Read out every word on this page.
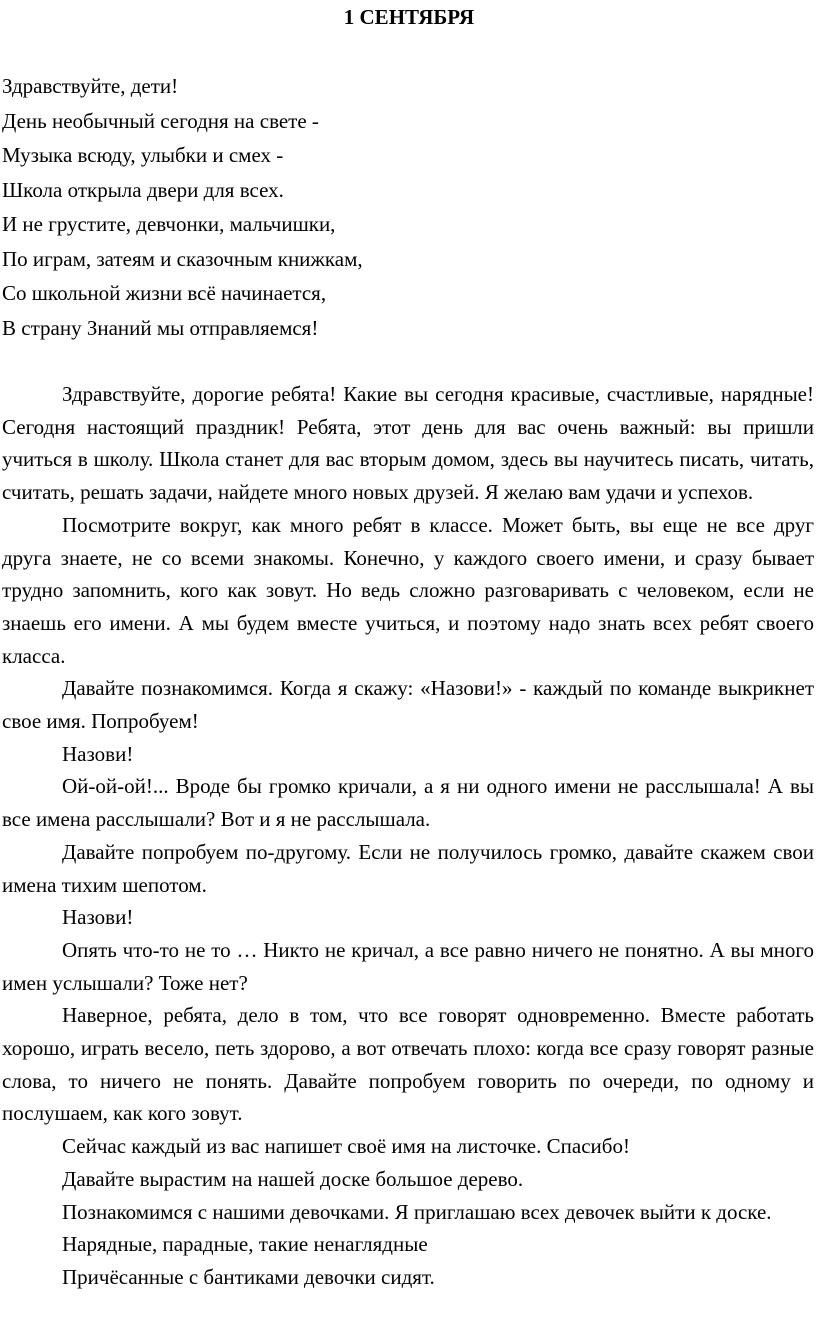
1 СЕНТЯБРЯ
Здравствуйте, дети!
День необычный сегодня на свете -
Музыка всюду, улыбки и смех -
Школа открыла двери для всех.
И не грустите, девчонки, мальчишки,
По играм, затеям и сказочным книжкам,
Со школьной жизни всё начинается,
В страну Знаний мы отправляемся!

Здравствуйте, дорогие ребята! Какие вы сегодня красивые, счастливые, нарядные! Сегодня настоящий праздник! Ребята, этот день для вас очень важный: вы пришли учиться в школу. Школа станет для вас вторым домом, здесь вы научитесь писать, читать, считать, решать задачи, найдете много новых друзей. Я желаю вам удачи и успехов.

Посмотрите вокруг, как много ребят в классе. Может быть, вы еще не все друг друга знаете, не со всеми знакомы. Конечно, у каждого своего имени, и сразу бывает трудно запомнить, кого как зовут. Но ведь сложно разговаривать с человеком, если не знаешь его имени. А мы будем вместе учиться, и поэтому надо знать всех ребят своего класса.

Давайте познакомимся. Когда я скажу: «Назови!» - каждый по команде выкрикнет свое имя. Попробуем!

Назови!

Ой-ой-ой!... Вроде бы громко кричали, а я ни одного имени не расслышала! А вы все имена расслышали? Вот и я не расслышала.

Давайте попробуем по-другому. Если не получилось громко, давайте скажем свои имена тихим шепотом.

Назови!

Опять что-то не то … Никто не кричал, а все равно ничего не понятно. А вы много имен услышали? Тоже нет?

Наверное, ребята, дело в том, что все говорят одновременно. Вместе работать хорошо, играть весело, петь здорово, а вот отвечать плохо: когда все сразу говорят разные слова, то ничего не понять. Давайте попробуем говорить по очереди, по одному и послушаем, как кого зовут.

Сейчас каждый из вас напишет своё имя на листочке. Спасибо!

Давайте вырастим на нашей доске большое дерево.

Познакомимся с нашими девочками. Я приглашаю всех девочек выйти к доске.

Нарядные, парадные, такие ненаглядные

Причёсанные с бантиками девочки сидят.
